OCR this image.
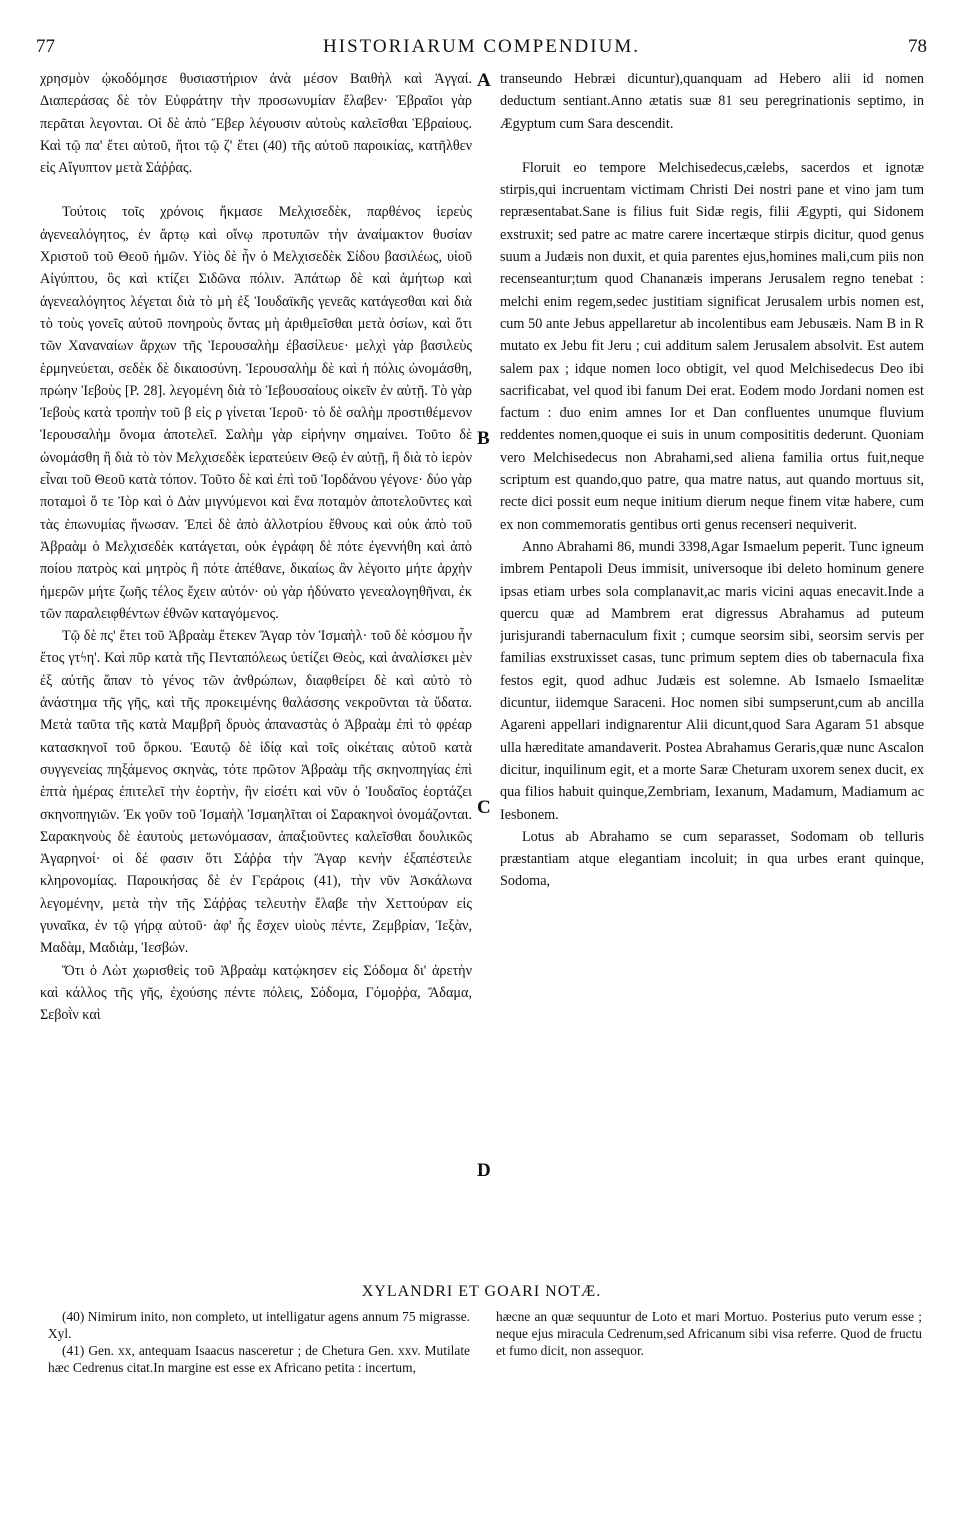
77	HISTORIARUM COMPENDIUM.	78

χρησμὸν ᾠκοδόμησε θυσιαστήριον ἀνὰ μέσον Βαιθὴλ καὶ Ἀγγαί. Διαπεράσας δὲ τὸν Εὐφράτην τὴν προσωνυμίαν ἔλαβεν· Ἑβραῖοι γὰρ περᾶται λεγονται. Οἱ δὲ ἀπὸ Ἔβερ λέγουσιν αὐτοὺς καλεῖσθαι Ἑβραίους. Καὶ τῷ πα' ἔτει αὐτοῦ, ἤτοι τῷ ζ' ἔτει (40) τῆς αὐτοῦ παροικίας, κατῆλθεν εἰς Αἴγυπτον μετὰ Σάῤῥας.

Τούτοις τοῖς χρόνοις ἤκμασε Μελχισεδὲκ, παρθένος ἱερεὺς ἀγενεαλόγητος, ἐν ἄρτῳ καὶ οἴνῳ προτυπῶν τὴν ἀναίμακτον θυσίαν Χριστοῦ τοῦ Θεοῦ ἡμῶν. Υἱὸς δὲ ἦν ὁ Μελχισεδὲκ Σίδου βασιλέως, υἱοῦ Αἰγύπτου, ὃς καὶ κτίζει Σιδῶνα πόλιν. Ἀπάτωρ δὲ καὶ ἀμήτωρ καὶ ἀγενεαλόγητος λέγεται διὰ τὸ μὴ ἐξ Ἰουδαϊκῆς γενεᾶς κατάγεσθαι καὶ διὰ τὸ τοὺς γονεῖς αὐτοῦ πονηροὺς ὄντας μὴ ἀριθμεῖσθαι μετὰ ὁσίων, καὶ ὅτι τῶν Χαναναίων ἄρχων τῆς Ἱερουσαλὴμ ἐβασίλευε· μελχὶ γὰρ βασιλεὺς ἑρμηνεύεται, σεδὲκ δὲ δικαιοσύνη. Ἱερουσαλὴμ δὲ καὶ ἡ πόλις ὠνομάσθη, πρώην Ἰεβοὺς [P. 28]. λεγομένη διὰ τὸ Ἰεβουσαίους οἰκεῖν ἐν αὐτῇ. Τὸ γὰρ Ἰεβοὺς κατὰ τροπὴν τοῦ β εἰς ρ γίνεται Ἱεροῦ· τὸ δὲ σαλὴμ προστιθέμενον Ἱερουσαλὴμ ὄνομα ἀποτελεῖ. Σαλὴμ γὰρ εἰρήνην σημαίνει. Τοῦτο δὲ ὠνομάσθη ἢ διὰ τὸ τὸν Μελχισεδὲκ ἱερατεύειν Θεῷ ἐν αὐτῇ, ἢ διὰ τὸ ἱερὸν εἶναι τοῦ Θεοῦ κατὰ τόπον. Τοῦτο δὲ καὶ ἐπὶ τοῦ Ἰορδάνου γέγονε· δύο γὰρ ποταμοὶ ὅ τε Ἰὸρ καὶ ὁ Δὰν μιγνύμενοι καὶ ἕνα ποταμὸν ἀποτελοῦντες καὶ τὰς ἐπωνυμίας ἥνωσαν. Ἐπεὶ δὲ ἀπὸ ἀλλοτρίου ἔθνους καὶ οὐκ ἀπὸ τοῦ Ἀβραὰμ ὁ Μελχισεδὲκ κατάγεται, οὐκ ἐγράφη δὲ πότε ἐγεννήθη καὶ ἀπὸ ποίου πατρὸς καὶ μητρὸς ἢ πότε ἀπέθανε, δικαίως ἂν λέγοιτο μήτε ἀρχὴν ἡμερῶν μήτε ζωῆς τέλος ἔχειν αὐτόν· οὐ γὰρ ἠδύνατο γενεαλογηθῆναι, ἐκ τῶν παραλειφθέντων ἐθνῶν καταγόμενος.

Τῷ δὲ πς' ἔτει τοῦ Ἀβραὰμ ἔτεκεν Ἄγαρ τὸν Ἰσμαὴλ· τοῦ δὲ κόσμου ἦν ἔτος γτϟη'. Καὶ πῦρ κατὰ τῆς Πενταπόλεως ὑετίζει Θεὸς, καὶ ἀναλίσκει μὲν ἐξ αὐτῆς ἅπαν τὸ γένος τῶν ἀνθρώπων, διαφθείρει δὲ καὶ αὐτὸ τὸ ἀνάστημα τῆς γῆς, καὶ τῆς προκειμένης θαλάσσης νεκροῦνται τὰ ὕδατα. Μετὰ ταῦτα τῆς κατὰ Μαμβρῆ δρυὸς ἀπαναστὰς ὁ Ἀβραὰμ ἐπὶ τὸ φρέαρ κατασκηνοῖ τοῦ ὅρκου. Ἑαυτῷ δὲ ἰδίᾳ καὶ τοῖς οἰκέταις αὐτοῦ κατὰ συγγενείας πηξάμενος σκηνὰς, τότε πρῶτον Ἀβραὰμ τῆς σκηνοπηγίας ἐπὶ ἑπτὰ ἡμέρας ἐπιτελεῖ τὴν ἑορτὴν, ἣν εἰσέτι καὶ νῦν ὁ Ἰουδαῖος ἑορτάζει σκηνοπηγιῶν. Ἐκ γοῦν τοῦ Ἰσμαὴλ Ἰσμαηλῖται οἱ Σαρακηνοὶ ὀνομάζονται. Σαρακηνοὺς δὲ ἑαυτοὺς μετωνόμασαν, ἀπαξιοῦντες καλεῖσθαι δουλικῶς Ἀγαρηνοί· οἱ δέ φασιν ὅτι Σάῤῥα τὴν Ἄγαρ κενὴν ἐξαπέστειλε κληρονομίας. Παροικήσας δὲ ἐν Γεράροις (41), τὴν νῦν Ἀσκάλωνα λεγομένην, μετὰ τὴν τῆς Σάῤῥας τελευτὴν ἔλαβε τὴν Χεττούραν εἰς γυναῖκα, ἐν τῷ γήρᾳ αὐτοῦ· ἀφ' ἧς ἔσχεν υἱοὺς πέντε, Ζεμβρίαν, Ἰεξὰν, Μαδὰμ, Μαδιὰμ, Ἰεσβών.

Ὅτι ὁ Λὼτ χωρισθεὶς τοῦ Ἀβραὰμ κατῴκησεν εἰς Σόδομα δι' ἀρετὴν καὶ κάλλος τῆς γῆς, ἐχούσης πέντε πόλεις, Σόδομα, Γόμοῤῥα, Ἄδαμα, Σεβοῒν καὶ

A
B
C
D

transeundo Hebræi dicuntur),quanquam ad Hebero alii id nomen deductum sentiant.Anno ætatis suæ 81 seu peregrinationis septimo, in Ægyptum cum Sara descendit.

Floruit eo tempore Melchisedecus,cælebs, sacerdos et ignotæ stirpis,qui incruentam victimam Christi Dei nostri pane et vino jam tum repræsentabat.Sane is filius fuit Sidæ regis, filii Ægypti, qui Sidonem exstruxit; sed patre ac matre carere incertæque stirpis dicitur, quod genus suum a Judæis non duxit, et quia parentes ejus,homines mali,cum piis non recenseantur;tum quod Chananæis imperans Jerusalem regno tenebat : melchi enim regem,sedec justitiam significat Jerusalem urbis nomen est, cum 50 ante Jebus appellaretur ab incolentibus eam Jebusæis. Nam B in R mutato ex Jebu fit Jeru ; cui additum salem Jerusalem absolvit. Est autem salem pax ; idque nomen loco obtigit, vel quod Melchisedecus Deo ibi sacrificabat, vel quod ibi fanum Dei erat. Eodem modo Jordani nomen est factum : duo enim amnes Ior et Dan confluentes unumque fluvium reddentes nomen,quoque ei suis in unum composititis dederunt. Quoniam vero Melchisedecus non Abrahami,sed aliena familia ortus fuit,neque scriptum est quando,quo patre, qua matre natus, aut quando mortuus sit, recte dici possit eum neque initium dierum neque finem vitæ habere, cum ex non commemoratis gentibus orti genus recenseri nequiverit.

Anno Abrahami 86, mundi 3398,Agar Ismaelum peperit. Tunc igneum imbrem Pentapoli Deus immisit, universoque ibi deleto hominum genere ipsas etiam urbes sola complanavit,ac maris vicini aquas enecavit.Inde a quercu quæ ad Mambrem erat digressus Abrahamus ad puteum jurisjurandi tabernaculum fixit ; cumque seorsim sibi, seorsim servis per familias exstruxisset casas, tunc primum septem dies ob tabernacula fixa festos egit, quod adhuc Judæis est solemne. Ab Ismaelo Ismaelitæ dicuntur, iidemque Saraceni. Hoc nomen sibi sumpserunt,cum ab ancilla Agareni appellari indignarentur Alii dicunt,quod Sara Agaram 51 absque ulla hæreditate amandaverit. Postea Abrahamus Geraris,quæ nunc Ascalon dicitur, inquilinum egit, et a morte Saræ Cheturam uxorem senex ducit, ex qua filios habuit quinque,Zembriam, Iexanum, Madamum, Madiamum ac Iesbonem.

Lotus ab Abrahamo se cum separasset, Sodomam ob telluris præstantiam atque elegantiam incoluit; in qua urbes erant quinque, Sodoma,

XYLANDRI ET GOARI NOTÆ.

(40) Nimirum inito, non completo, ut intelligatur agens annum 75 migrasse. Xyl.

(41) Gen. xx, antequam Isaacus nasceretur ; de Chetura Gen. xxv. Mutilate hæc Cedrenus citat.In margine est esse ex Africano petita : incertum,

hæcne an quæ sequuntur de Loto et mari Mortuo. Posterius puto verum esse ; neque ejus miracula Cedrenum,sed Africanum sibi visa referre. Quod de fructu et fumo dicit, non assequor.
